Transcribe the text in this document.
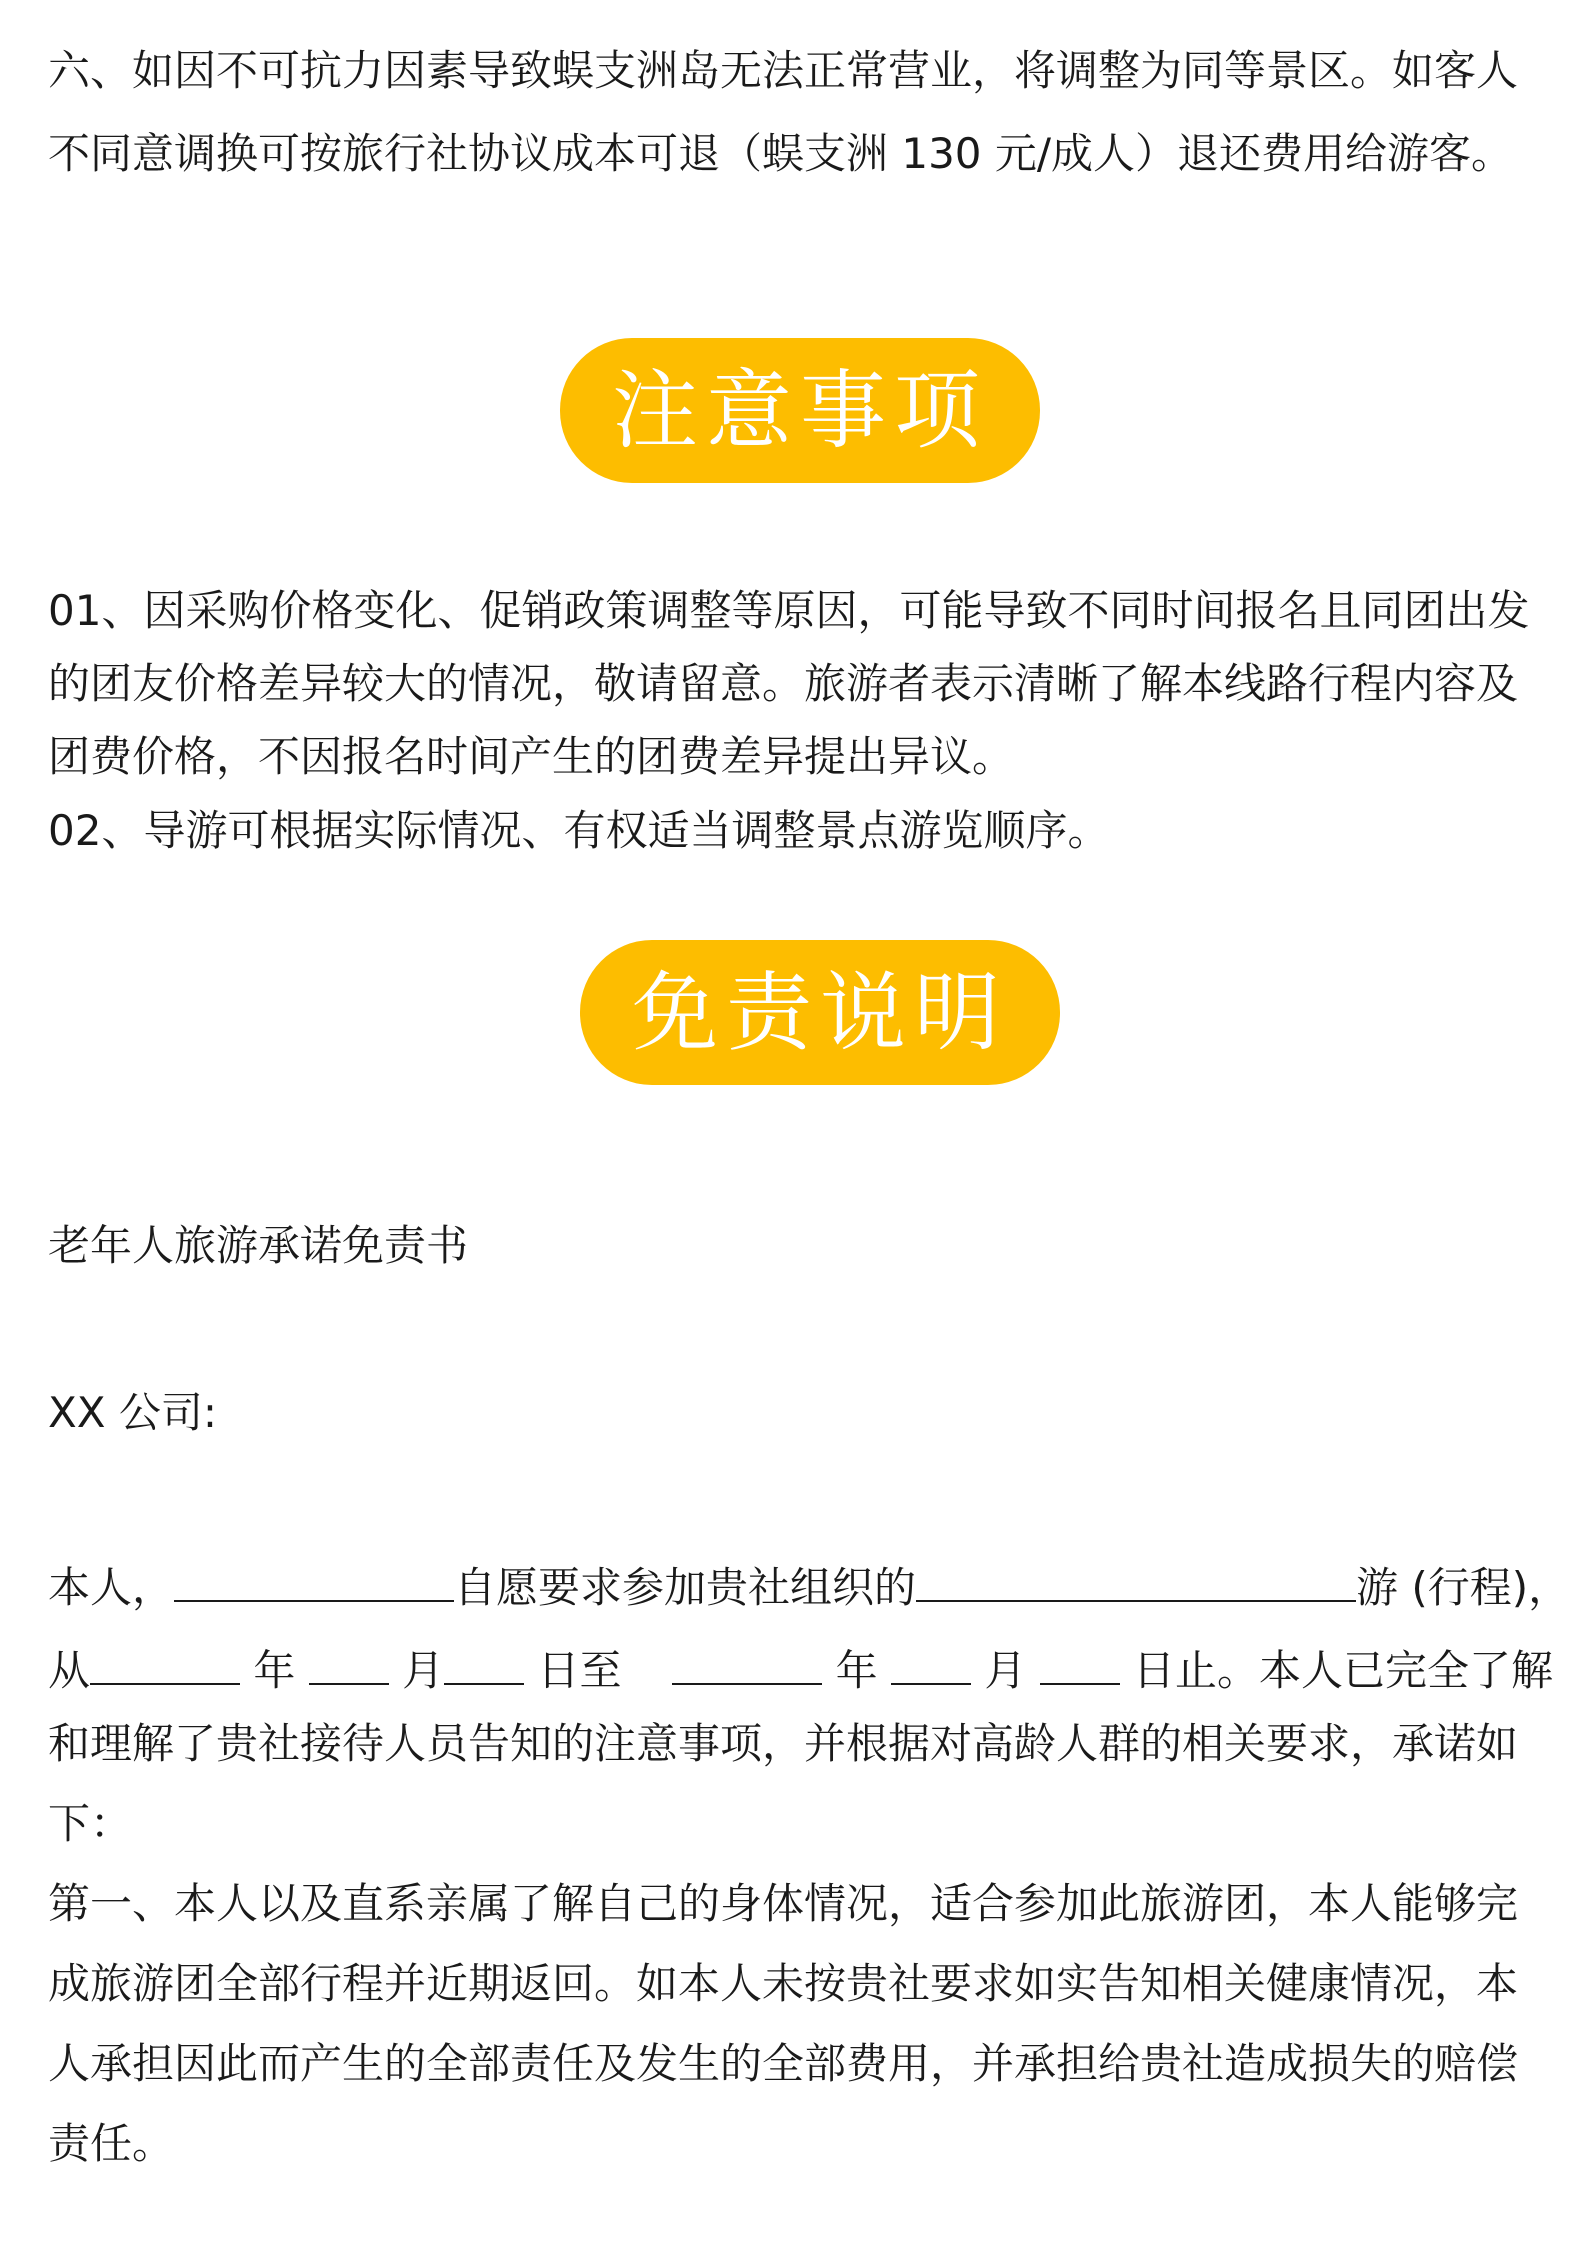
六、如因不可抗力因素导致蜈支洲岛无法正常营业，将调整为同等景区。如客人

不同意调换可按旅行社协议成本可退（蜈支洲 130 元/成人）退还费用给游客。

注意事项

01、因采购价格变化、促销政策调整等原因，可能导致不同时间报名且同团出发

的团友价格差异较大的情况，敬请留意。旅游者表示清晰了解本线路行程内容及

团费价格，不因报名时间产生的团费差异提出异议。

02、导游可根据实际情况、有权适当调整景点游览顺序。

免责说明

老年人旅游承诺免责书

XX 公司:

本人，	自愿要求参加贵社组织的	游 (行程)，

从	年	月 日至	年	月	日止。本人已完全了解

和理解了贵社接待人员告知的注意事项，并根据对高龄人群的相关要求，承诺如

下：

第一、本人以及直系亲属了解自己的身体情况，适合参加此旅游团，本人能够完

成旅游团全部行程并近期返回。如本人未按贵社要求如实告知相关健康情况，本

人承担因此而产生的全部责任及发生的全部费用，并承担给贵社造成损失的赔偿

责任。
